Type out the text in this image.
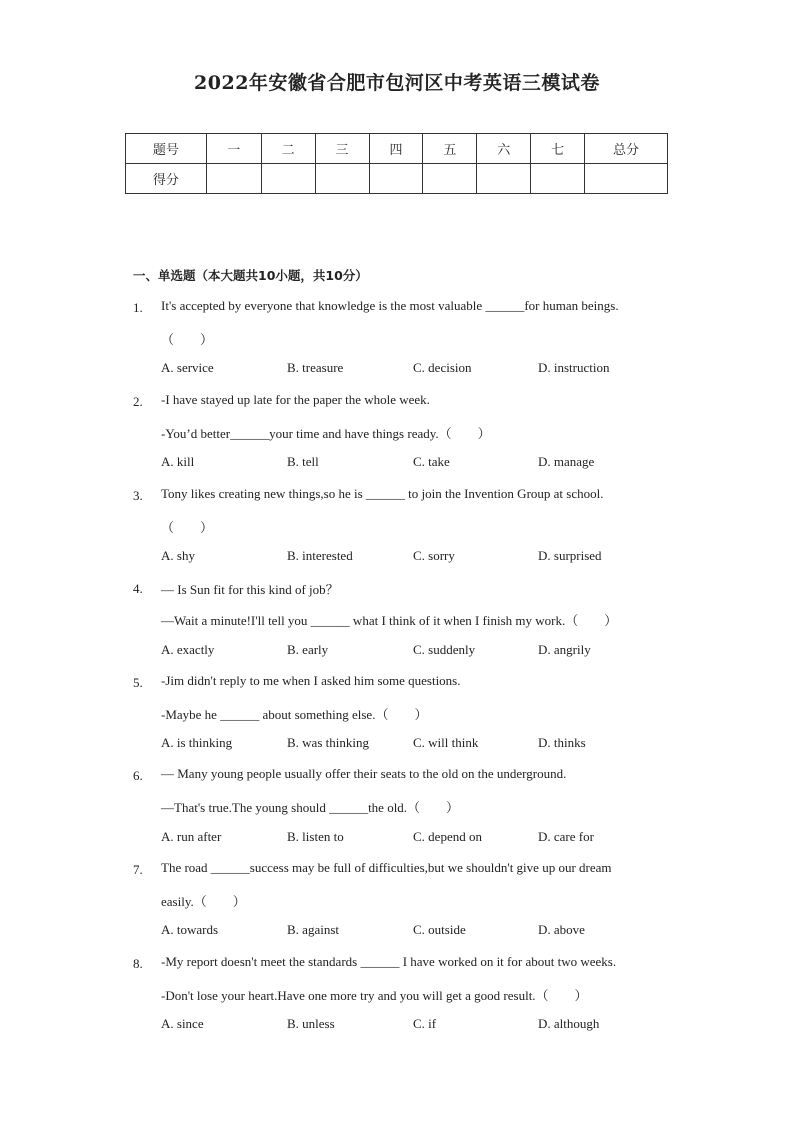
2022年安徽省合肥市包河区中考英语三模试卷
题号	一	二	三	四	五	六	七	总分
得分								
一、单选题（本大题共10小题，共10分）
1. It's accepted by everyone that knowledge is the most valuable ______for human beings.
（　　）
A. service	B. treasure	C. decision	D. instruction
2. -I have stayed up late for the paper the whole week.
-You’d better______your time and have things ready.（　　）
A. kill	B. tell	C. take	D. manage
3. Tony likes creating new things,so he is ______ to join the Invention Group at school.
（　　）
A. shy	B. interested	C. sorry	D. surprised
4. — Is Sun fit for this kind of job？
—Wait a minute!I'll tell you ______ what I think of it when I finish my work.（　　）
A. exactly	B. early	C. suddenly	D. angrily
5. -Jim didn't reply to me when I asked him some questions.
-Maybe he ______ about something else.（　　）
A. is thinking	B. was thinking	C. will think	D. thinks
6. — Many young people usually offer their seats to the old on the underground.
—That's true.The young should ______the old.（　　）
A. run after	B. listen to	C. depend on	D. care for
7. The road ______success may be full of difficulties,but we shouldn't give up our dream
easily.（　　）
A. towards	B. against	C. outside	D. above
8. -My report doesn't meet the standards ______ I have worked on it for about two weeks.
-Don't lose your heart.Have one more try and you will get a good result.（　　）
A. since	B. unless	C. if	D. although
